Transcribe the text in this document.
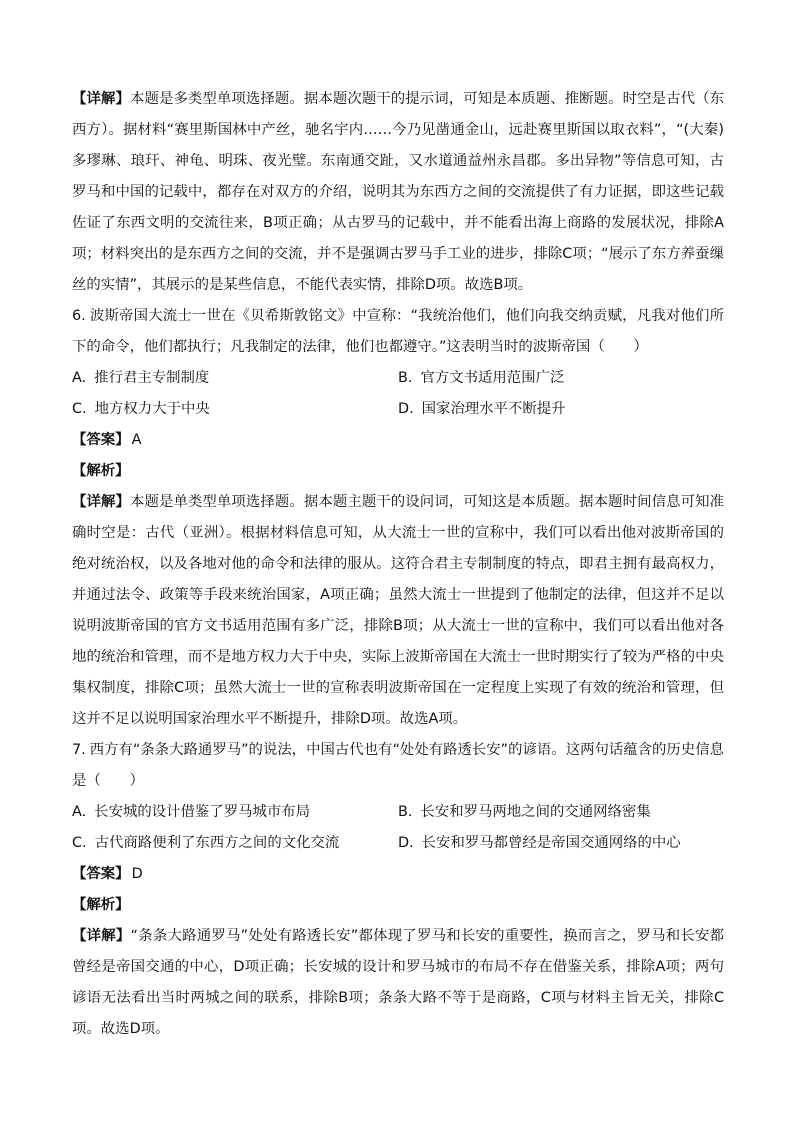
【详解】本题是多类型单项选择题。据本题次题干的提示词，可知是本质题、推断题。时空是古代（东西方）。据材料“赛里斯国林中产丝，驰名宇内……今乃见凿通金山，远赴赛里斯国以取衣料”，“(大秦)多璆琳、琅玕、神龟、明珠、夜光璧。东南通交趾，又水道通益州永昌郡。多出异物”等信息可知，古罗马和中国的记载中，都存在对双方的介绍，说明其为东西方之间的交流提供了有力证据，即这些记载佐证了东西文明的交流往来，B项正确；从古罗马的记载中，并不能看出海上商路的发展状况，排除A项；材料突出的是东西方之间的交流，并不是强调古罗马手工业的进步，排除C项；“展示了东方养蚕缫丝的实情”，其展示的是某些信息，不能代表实情，排除D项。故选B项。

6. 波斯帝国大流士一世在《贝希斯敦铭文》中宣称：“我统治他们，他们向我交纳贡赋，凡我对他们所下的命令，他们都执行；凡我制定的法律，他们也都遵守。”这表明当时的波斯帝国（　　）

A. 推行君主专制制度	B. 官方文书适用范围广泛
C. 地方权力大于中央	D. 国家治理水平不断提升

【答案】 A

【解析】

【详解】本题是单类型单项选择题。据本题主题干的设问词，可知这是本质题。据本题时间信息可知准确时空是：古代（亚洲）。根据材料信息可知，从大流士一世的宣称中，我们可以看出他对波斯帝国的绝对统治权，以及各地对他的命令和法律的服从。这符合君主专制制度的特点，即君主拥有最高权力，并通过法令、政策等手段来统治国家，A项正确；虽然大流士一世提到了他制定的法律，但这并不足以说明波斯帝国的官方文书适用范围有多广泛，排除B项；从大流士一世的宣称中，我们可以看出他对各地的统治和管理，而不是地方权力大于中央，实际上波斯帝国在大流士一世时期实行了较为严格的中央集权制度，排除C项；虽然大流士一世的宣称表明波斯帝国在一定程度上实现了有效的统治和管理，但这并不足以说明国家治理水平不断提升，排除D项。故选A项。

7. 西方有“条条大路通罗马”的说法，中国古代也有“处处有路透长安”的谚语。这两句话蕴含的历史信息是（　　）

A. 长安城的设计借鉴了罗马城市布局	B. 长安和罗马两地之间的交通网络密集
C. 古代商路便利了东西方之间的文化交流	D. 长安和罗马都曾经是帝国交通网络的中心

【答案】 D

【解析】

【详解】“条条大路通罗马”处处有路透长安”都体现了罗马和长安的重要性，换而言之，罗马和长安都曾经是帝国交通的中心，D项正确；长安城的设计和罗马城市的布局不存在借鉴关系，排除A项；两句谚语无法看出当时两城之间的联系，排除B项；条条大路不等于是商路，C项与材料主旨无关，排除C项。故选D项。
